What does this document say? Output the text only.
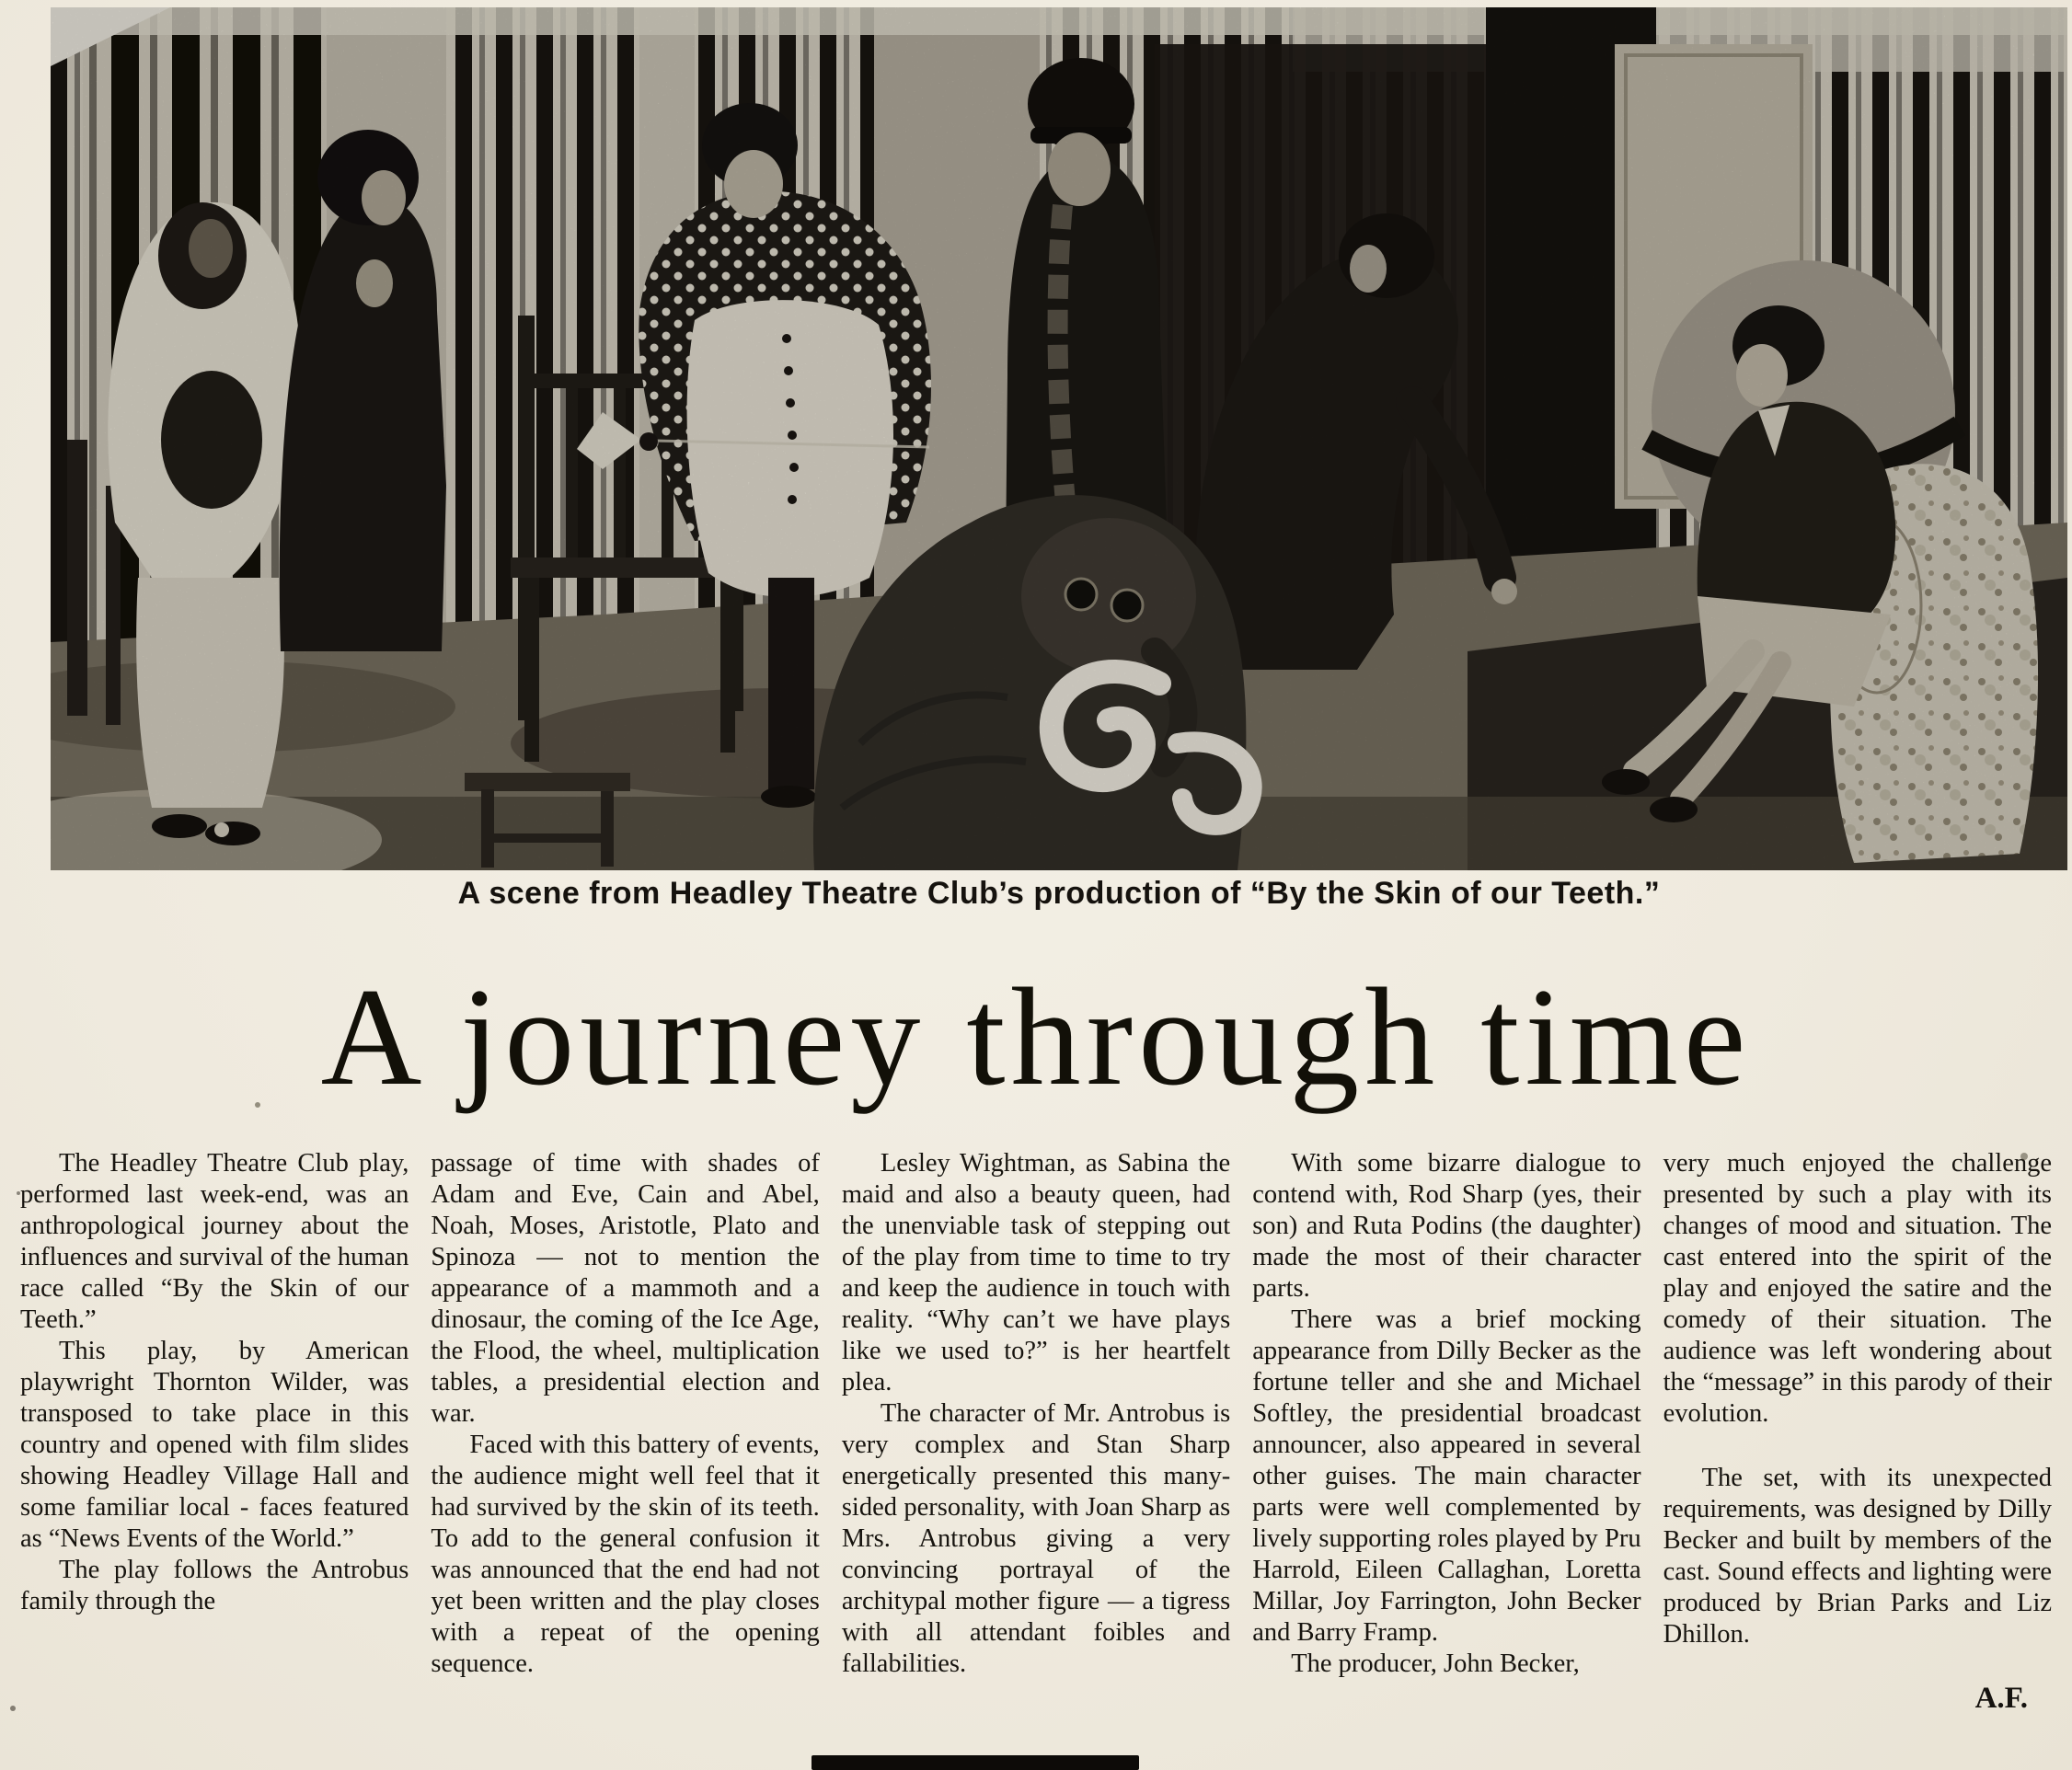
A scene from Headley Theatre Club’s production of “By the Skin of our Teeth.”
A journey through time

The Headley Theatre Club play, performed last week-end, was an anthropological journey about the influences and survival of the human race called “By the Skin of our Teeth.”

This play, by American playwright Thornton Wilder, was transposed to take place in this country and opened with film slides showing Headley Village Hall and some familiar local - faces featured as “News Events of the World.”

The play follows the Antrobus family through the

passage of time with shades of Adam and Eve, Cain and Abel, Noah, Moses, Aristotle, Plato and Spinoza — not to mention the appearance of a mammoth and a dinosaur, the coming of the Ice Age, the Flood, the wheel, multiplication tables, a presidential election and war.

Faced with this battery of events, the audience might well feel that it had survived by the skin of its teeth. To add to the general confusion it was announced that the end had not yet been written and the play closes with a repeat of the opening sequence.

Lesley Wightman, as Sabina the maid and also a beauty queen, had the unenviable task of stepping out of the play from time to time to try and keep the audience in touch with reality. “Why can’t we have plays like we used to?” is her heartfelt plea.

The character of Mr. Antrobus is very complex and Stan Sharp energetically presented this many-sided personality, with Joan Sharp as Mrs. Antrobus giving a very convincing portrayal of the architypal mother figure — a tigress with all attendant foibles and fallabilities.

With some bizarre dialogue to contend with, Rod Sharp (yes, their son) and Ruta Podins (the daughter) made the most of their character parts.

There was a brief mocking appearance from Dilly Becker as the fortune teller and she and Michael Softley, the presidential broadcast announcer, also appeared in several other guises. The main character parts were well complemented by lively supporting roles played by Pru Harrold, Eileen Callaghan, Loretta Millar, Joy Farrington, John Becker and Barry Framp.

The producer, John Becker,

very much enjoyed the challenge presented by such a play with its changes of mood and situation. The cast entered into the spirit of the play and enjoyed the satire and the comedy of their situation. The audience was left wondering about the “message” in this parody of their evolution.

The set, with its unexpected requirements, was designed by Dilly Becker and built by members of the cast. Sound effects and lighting were produced by Brian Parks and Liz Dhillon.

A.F.
